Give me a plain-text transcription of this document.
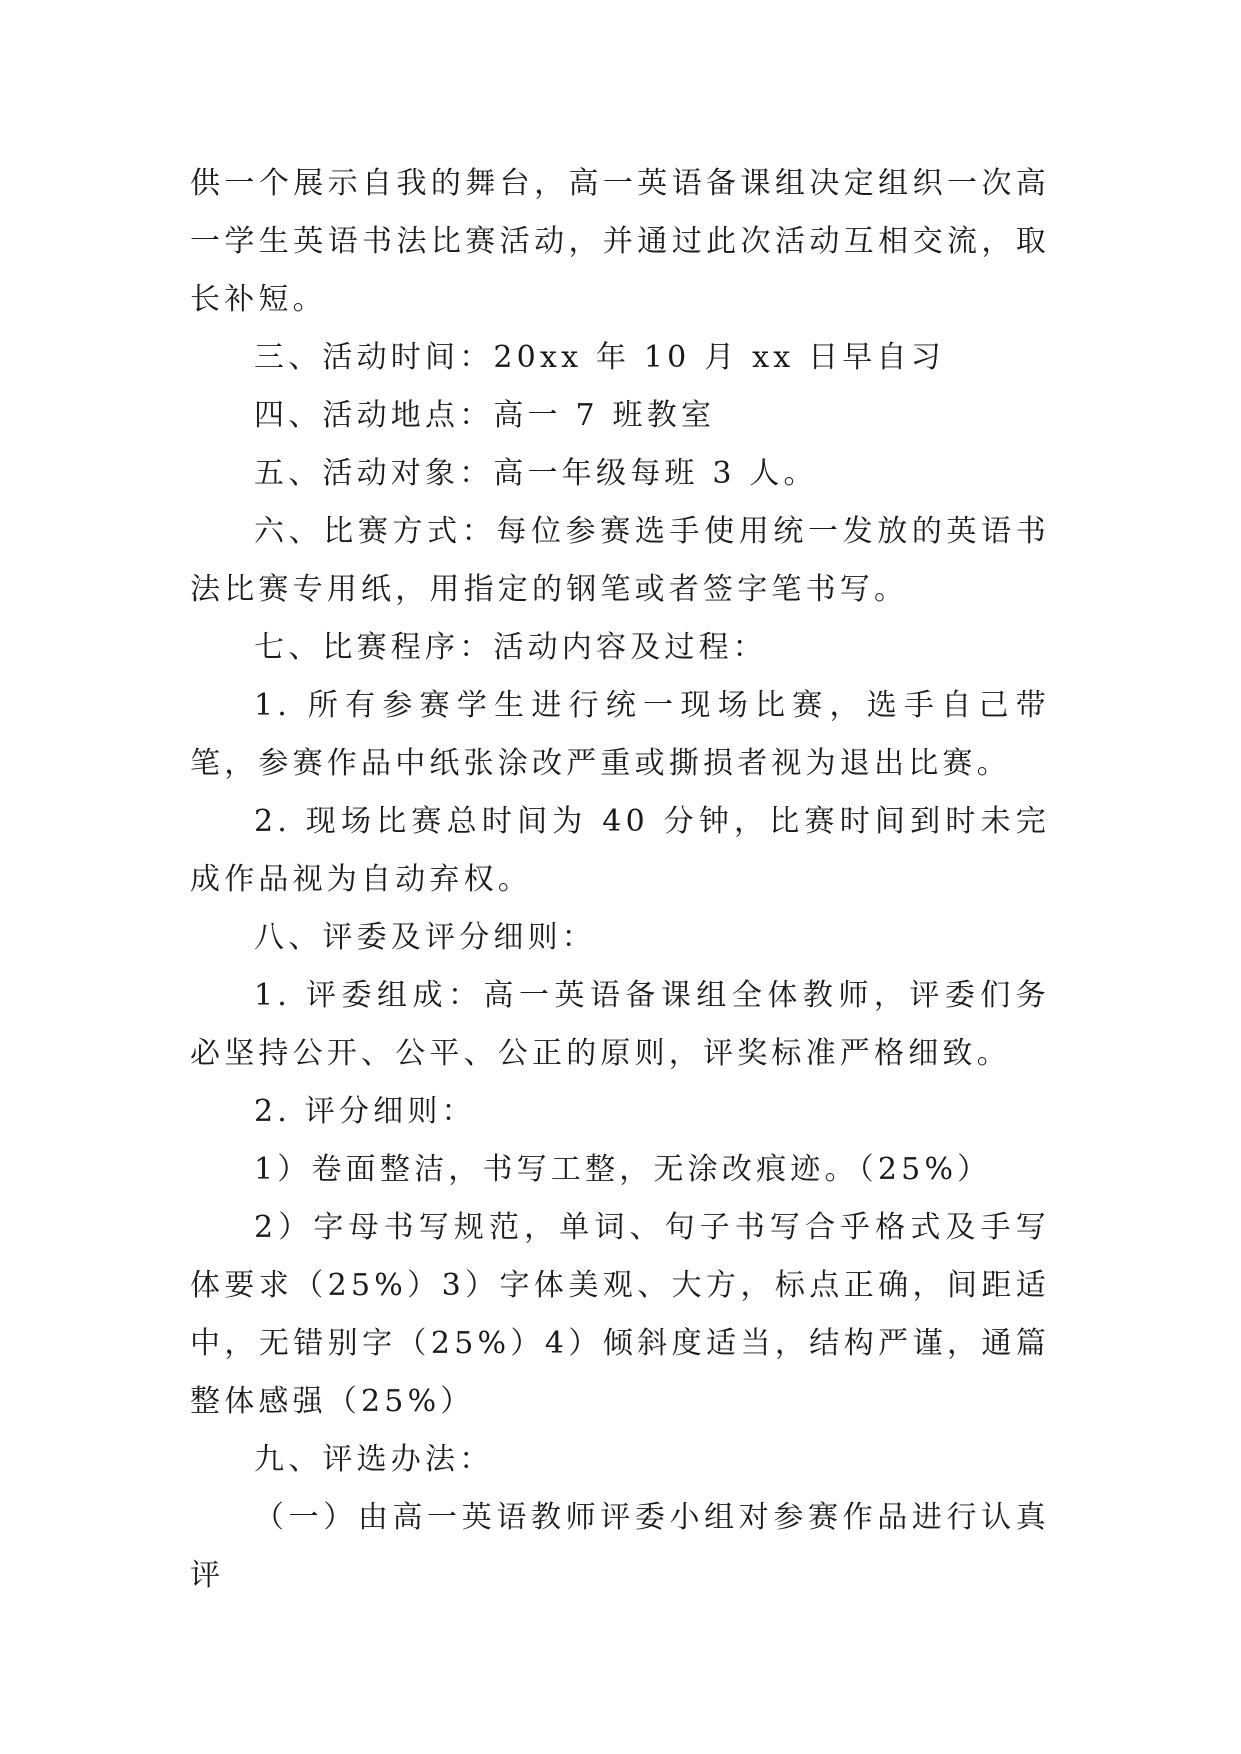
供一个展示自我的舞台，高一英语备课组决定组织一次高一学生英语书法比赛活动，并通过此次活动互相交流，取长补短。

三、活动时间：20xx 年 10 月 xx 日早自习

四、活动地点：高一 7 班教室

五、活动对象：高一年级每班 3 人。

六、比赛方式：每位参赛选手使用统一发放的英语书法比赛专用纸，用指定的钢笔或者签字笔书写。

七、比赛程序：活动内容及过程：

1. 所有参赛学生进行统一现场比赛，选手自己带笔，参赛作品中纸张涂改严重或撕损者视为退出比赛。

2. 现场比赛总时间为 40 分钟，比赛时间到时未完成作品视为自动弃权。

八、评委及评分细则：

1. 评委组成：高一英语备课组全体教师，评委们务必坚持公开、公平、公正的原则，评奖标准严格细致。

2. 评分细则：

1）卷面整洁，书写工整，无涂改痕迹。（25%）

2）字母书写规范，单词、句子书写合乎格式及手写体要求（25%）3）字体美观、大方，标点正确，间距适中，无错别字（25%）4）倾斜度适当，结构严谨，通篇整体感强（25%）

九、评选办法：

（一）由高一英语教师评委小组对参赛作品进行认真评
